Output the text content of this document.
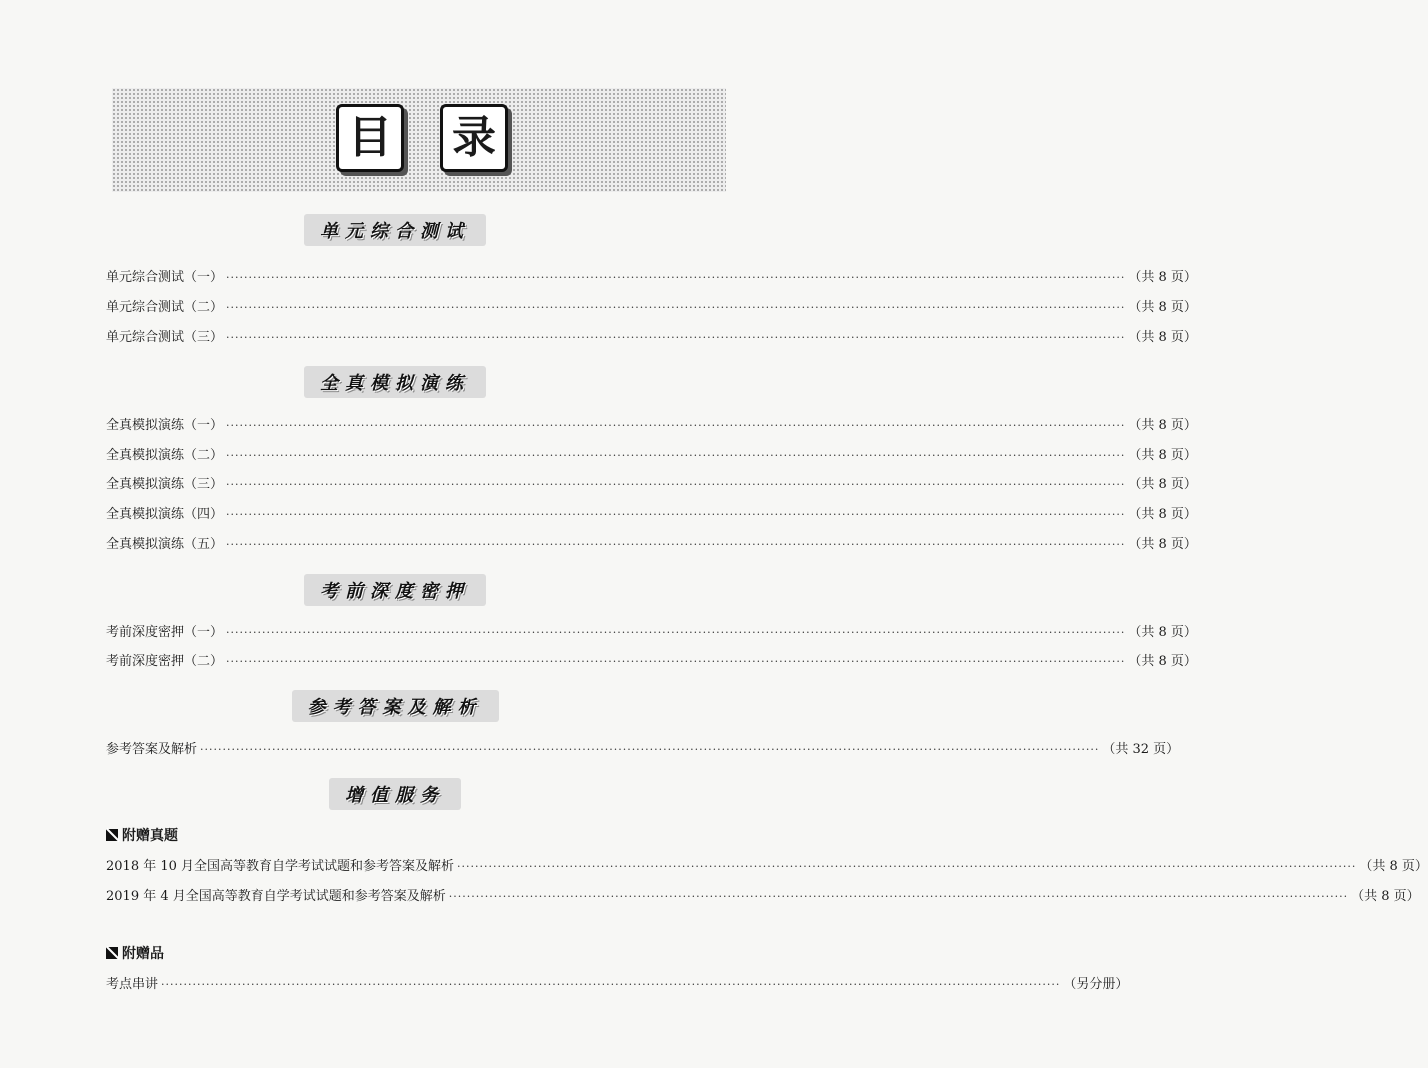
目 录
单元综合测试
单元综合测试（一） ········································································································································································································ （共 8 页）
单元综合测试（二） ········································································································································································································ （共 8 页）
单元综合测试（三） ········································································································································································································ （共 8 页）
全真模拟演练
全真模拟演练（一） ········································································································································································································ （共 8 页）
全真模拟演练（二） ········································································································································································································ （共 8 页）
全真模拟演练（三） ········································································································································································································ （共 8 页）
全真模拟演练（四） ········································································································································································································ （共 8 页）
全真模拟演练（五） ········································································································································································································ （共 8 页）
考前深度密押
考前深度密押（一） ········································································································································································································ （共 8 页）
考前深度密押（二） ········································································································································································································ （共 8 页）
参考答案及解析
参考答案及解析 ········································································································································································································ （共 32 页）
增值服务
附赠真题
2018 年 10 月全国高等教育自学考试试题和参考答案及解析 ········································································································································································································ （共 8 页）
2019 年 4 月全国高等教育自学考试试题和参考答案及解析 ········································································································································································································ （共 8 页）
附赠品
考点串讲 ········································································································································································································ （另分册）
